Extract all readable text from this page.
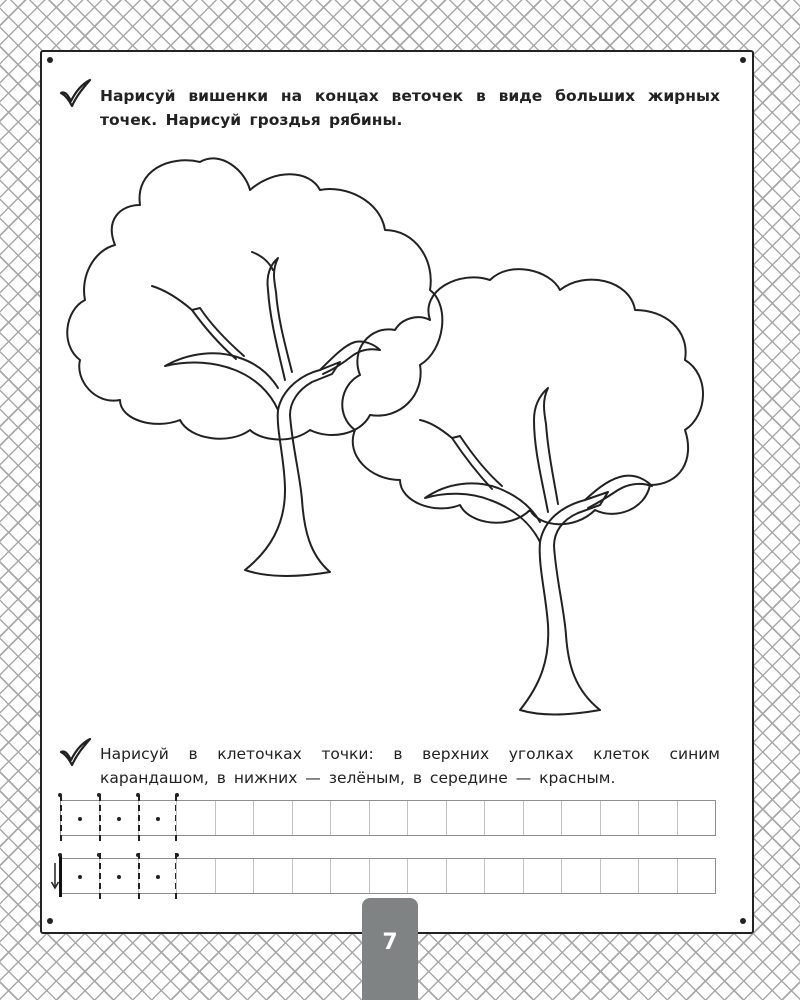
Нарисуй вишенки на концах веточек в виде больших жирных точек. Нарисуй гроздья рябины.

Нарисуй в клеточках точки: в верхних уголках клеток синим карандашом, в нижних — зелёным, в середине — красным.

7
